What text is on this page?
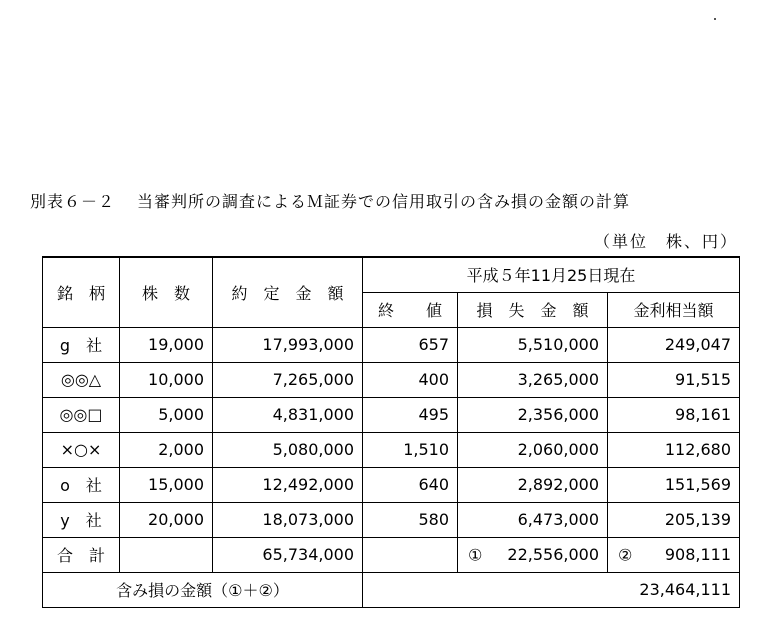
別表６－２ 当審判所の調査によるＭ証券での信用取引の含み損の金額の計算
（単位　株、円）
銘　柄	株　数	約　定　金　額	平成５年11月25日現在		
			終　　値	損　失　金　額	金利相当額
g　社	19,000	17,993,000	657	5,510,000	249,047
◎◎△	10,000	7,265,000	400	3,265,000	91,515
◎◎□	5,000	4,831,000	495	2,356,000	98,161
×○×	2,000	5,080,000	1,510	2,060,000	112,680
o　社	15,000	12,492,000	640	2,892,000	151,569
y　社	20,000	18,073,000	580	6,473,000	205,139
合　計		65,734,000		① 22,556,000	② 908,111
含み損の金額（①＋②）			23,464,111		
